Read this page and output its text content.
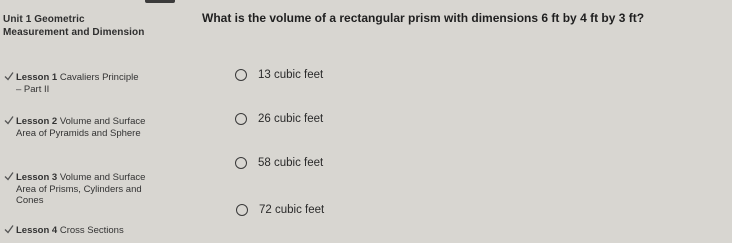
Unit 1 Geometric Measurement and Dimension
Lesson 1 Cavaliers Principle – Part II
Lesson 2 Volume and Surface Area of Pyramids and Sphere
Lesson 3 Volume and Surface Area of Prisms, Cylinders and Cones
Lesson 4 Cross Sections
What is the volume of a rectangular prism with dimensions 6 ft by 4 ft by 3 ft?
13 cubic feet
26 cubic feet
58 cubic feet
72 cubic feet
